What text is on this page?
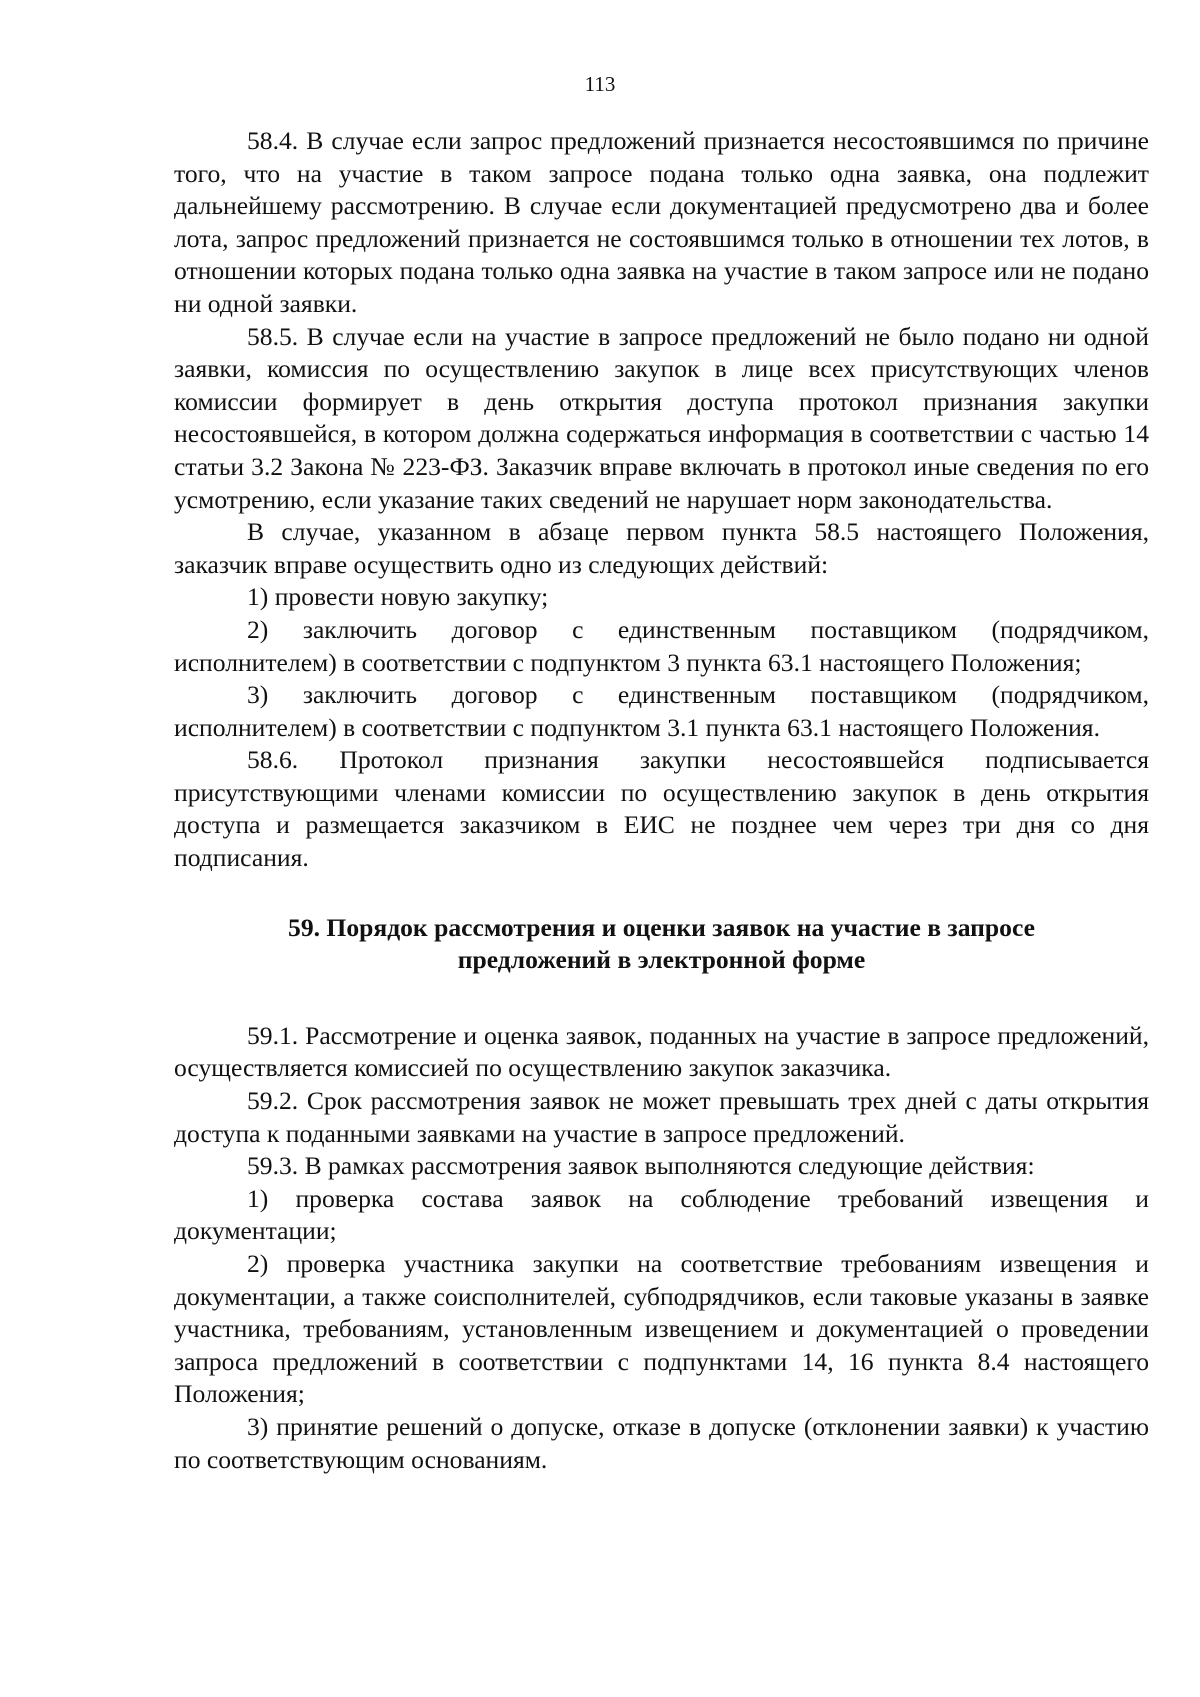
113

58.4. В случае если запрос предложений признается несостоявшимся по причине того, что на участие в таком запросе подана только одна заявка, она подлежит дальнейшему рассмотрению. В случае если документацией предусмотрено два и более лота, запрос предложений признается не состоявшимся только в отношении тех лотов, в отношении которых подана только одна заявка на участие в таком запросе или не подано ни одной заявки.

58.5. В случае если на участие в запросе предложений не было подано ни одной заявки, комиссия по осуществлению закупок в лице всех присутствующих членов комиссии формирует в день открытия доступа протокол признания закупки несостоявшейся, в котором должна содержаться информация в соответствии с частью 14 статьи 3.2 Закона № 223-ФЗ. Заказчик вправе включать в протокол иные сведения по его усмотрению, если указание таких сведений не нарушает норм законодательства.

В случае, указанном в абзаце первом пункта 58.5 настоящего Положения, заказчик вправе осуществить одно из следующих действий:

1) провести новую закупку;

2) заключить договор с единственным поставщиком (подрядчиком, исполнителем) в соответствии с подпунктом 3 пункта 63.1 настоящего Положения;

3) заключить договор с единственным поставщиком (подрядчиком, исполнителем) в соответствии с подпунктом 3.1 пункта 63.1 настоящего Положения.

58.6. Протокол признания закупки несостоявшейся подписывается присутствующими членами комиссии по осуществлению закупок в день открытия доступа и размещается заказчиком в ЕИС не позднее чем через три дня со дня подписания.

59. Порядок рассмотрения и оценки заявок на участие в запросе
предложений в электронной форме

59.1. Рассмотрение и оценка заявок, поданных на участие в запросе предложений, осуществляется комиссией по осуществлению закупок заказчика.

59.2. Срок рассмотрения заявок не может превышать трех дней с даты открытия доступа к поданными заявками на участие в запросе предложений.

59.3. В рамках рассмотрения заявок выполняются следующие действия:

1) проверка состава заявок на соблюдение требований извещения и документации;

2) проверка участника закупки на соответствие требованиям извещения и документации, а также соисполнителей, субподрядчиков, если таковые указаны в заявке участника, требованиям, установленным извещением и документацией о проведении запроса предложений в соответствии с подпунктами 14, 16 пункта 8.4 настоящего Положения;

3) принятие решений о допуске, отказе в допуске (отклонении заявки) к участию по соответствующим основаниям.
